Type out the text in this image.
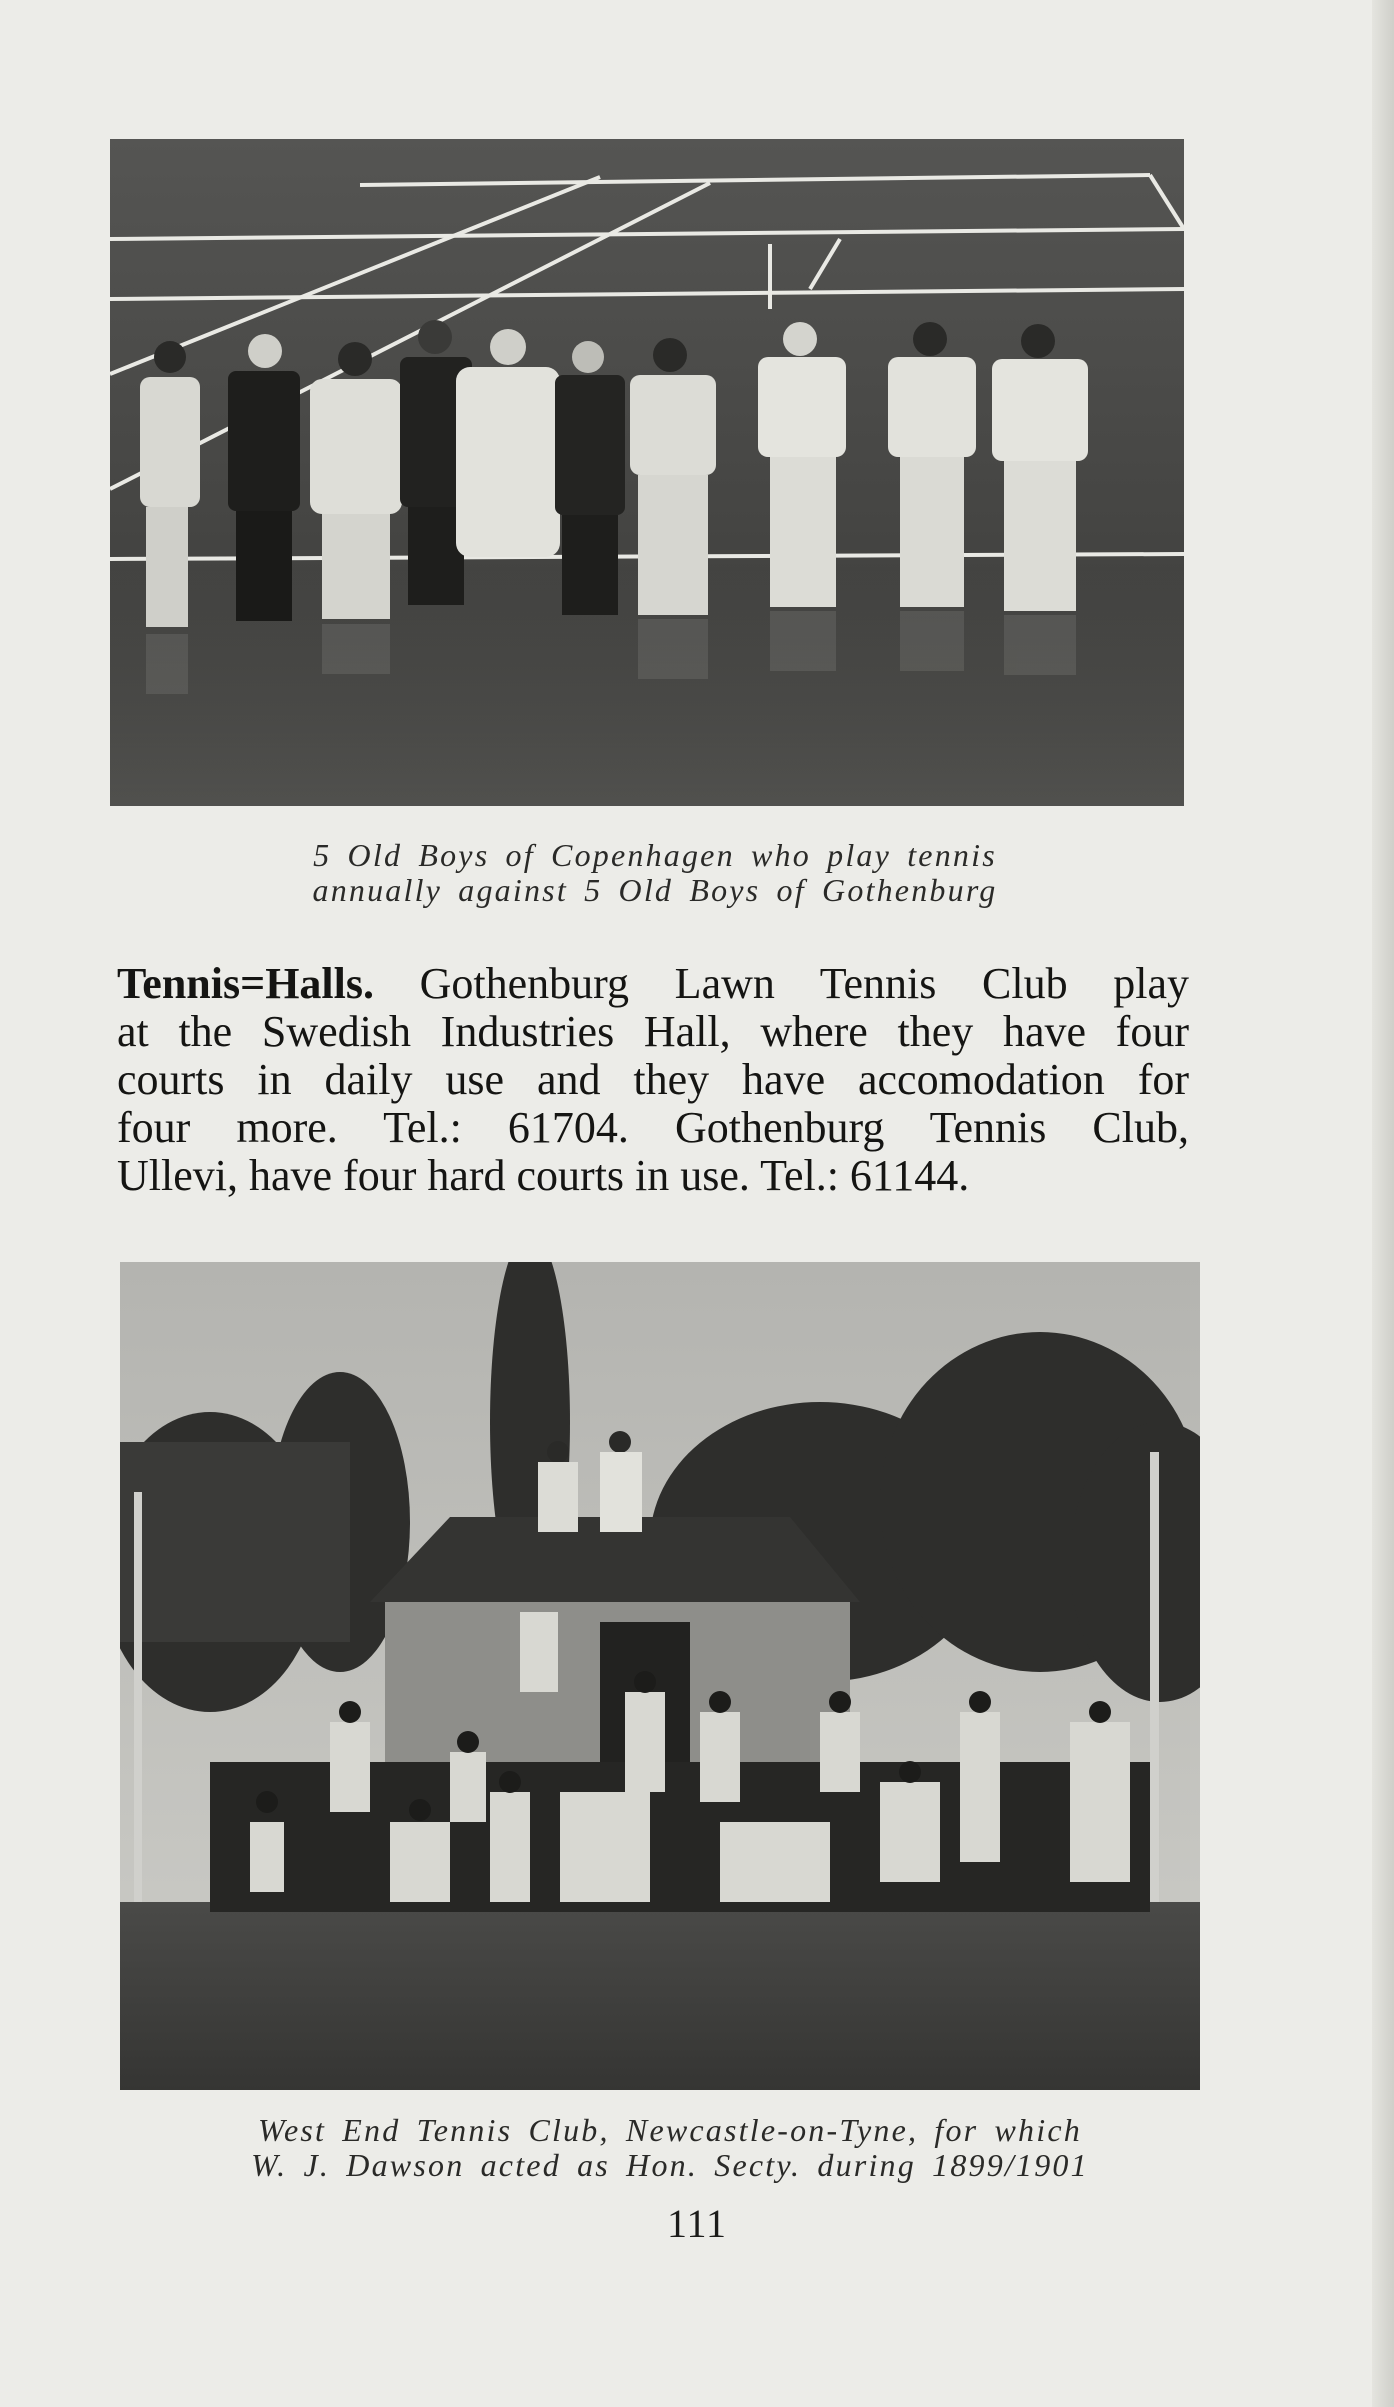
5 Old Boys of Copenhagen who play tennis
annually against 5 Old Boys of Gothenburg
Tennis=Halls. Gothenburg Lawn Tennis Club play
at the Swedish Industries Hall, where they have four
courts in daily use and they have accomodation for
four more. Tel.: 61704. Gothenburg Tennis Club,
Ullevi, have four hard courts in use. Tel.: 61144.
West End Tennis Club, Newcastle-on-Tyne, for which
W. J. Dawson acted as Hon. Secty. during 1899/1901
111
